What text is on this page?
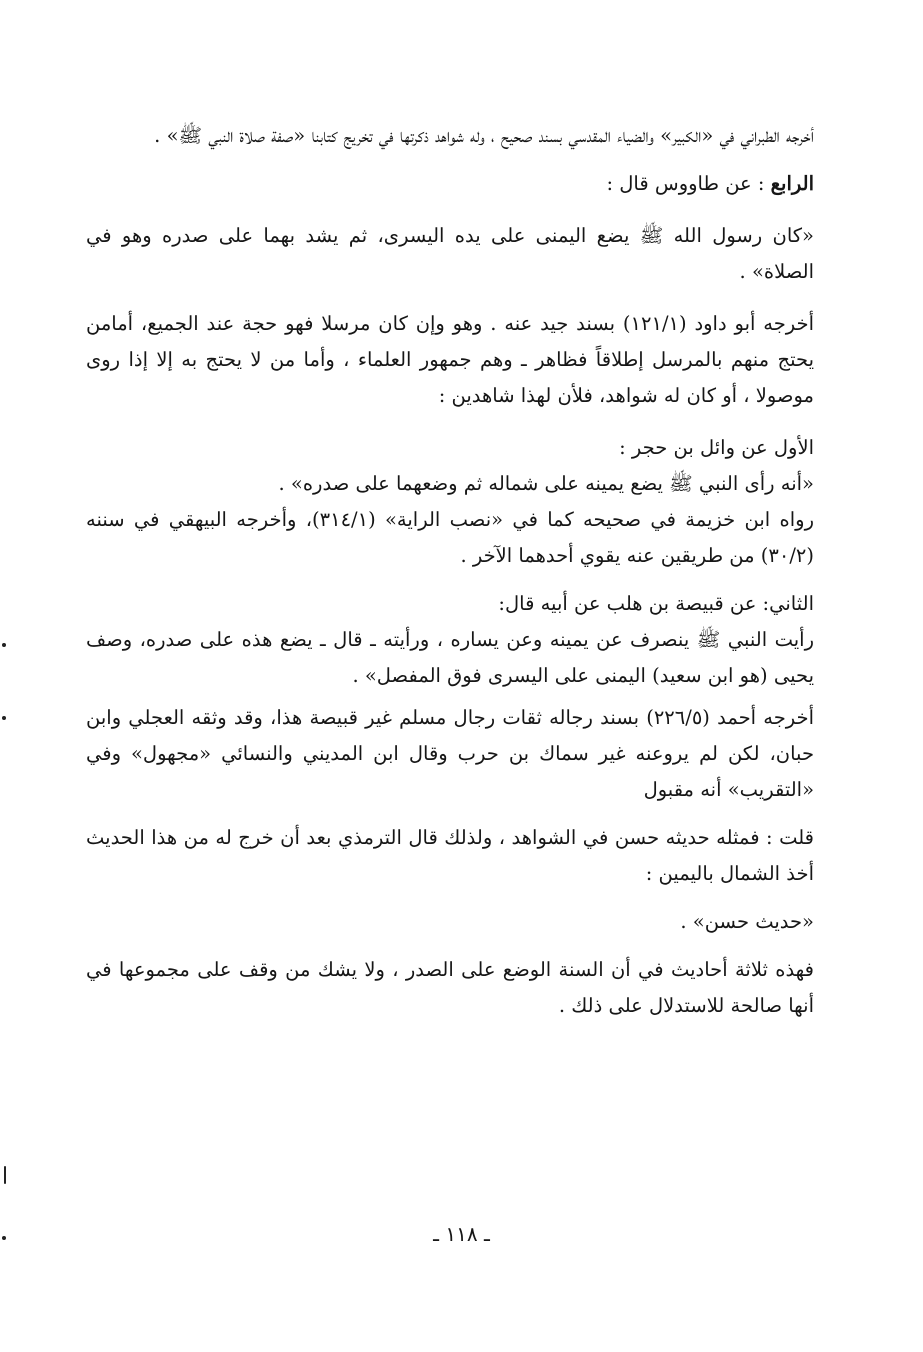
أخرجه الطبراني في «الكبير» والضياء المقدسي بسند صحيح ، وله شواهد ذكرتها في تخريج كتابنا «صفة صلاة النبي ﷺ» .

الرابع : عن طاووس قال :

«كان رسول الله ﷺ يضع اليمنى على يده اليسرى، ثم يشد بهما على صدره وهو في الصلاة» .

أخرجه أبو داود (١٢١/١) بسند جيد عنه . وهو وإن كان مرسلا فهو حجة عند الجميع، أمامن يحتج منهم بالمرسل إطلاقاً فظاهر ـ وهم جمهور العلماء ، وأما من لا يحتج به إلا إذا روى موصولا ، أو كان له شواهد، فلأن لهذا شاهدين :

الأول عن وائل بن حجر :

«أنه رأى النبي ﷺ يضع يمينه على شماله ثم وضعهما على صدره» .

رواه ابن خزيمة في صحيحه كما في «نصب الراية» (٣١٤/١)، وأخرجه البيهقي في سننه (٣٠/٢) من طريقين عنه يقوي أحدهما الآخر .

الثاني: عن قبيصة بن هلب عن أبيه قال:

رأيت النبي ﷺ ينصرف عن يمينه وعن يساره ، ورأيته ـ قال ـ يضع هذه على صدره، وصف يحيى (هو ابن سعيد) اليمنى على اليسرى فوق المفصل» .

أخرجه أحمد (٢٢٦/٥) بسند رجاله ثقات رجال مسلم غير قبيصة هذا، وقد وثقه العجلي وابن حبان، لكن لم يروعنه غير سماك بن حرب وقال ابن المديني والنسائي «مجهول» وفي «التقريب» أنه مقبول

قلت : فمثله حديثه حسن في الشواهد ، ولذلك قال الترمذي بعد أن خرج له من هذا الحديث أخذ الشمال باليمين :

«حديث حسن» .

فهذه ثلاثة أحاديث في أن السنة الوضع على الصدر ، ولا يشك من وقف على مجموعها في أنها صالحة للاستدلال على ذلك .

ـ ١١٨ ـ
